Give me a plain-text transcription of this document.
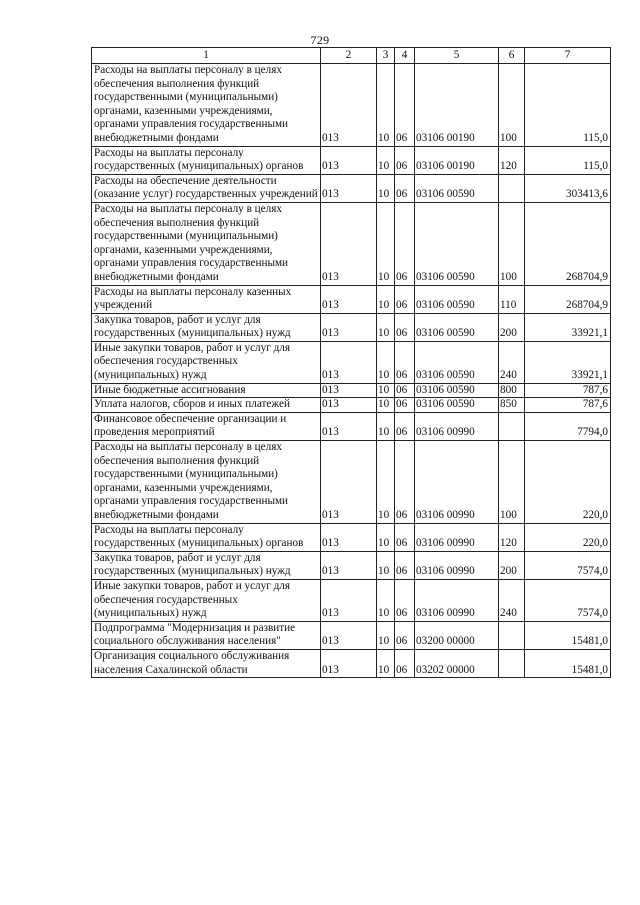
729
1	2	3	4	5	6	7
Расходы на выплаты персоналу в целях обеспечения выполнения функций государственными (муниципальными) органами, казенными учреждениями, органами управления государственными внебюджетными фондами	013	10	06	03106 00190	100	115,0
Расходы на выплаты персоналу государственных (муниципальных) органов	013	10	06	03106 00190	120	115,0
Расходы на обеспечение деятельности (оказание услуг) государственных учреждений	013	10	06	03106 00590		303413,6
Расходы на выплаты персоналу в целях обеспечения выполнения функций государственными (муниципальными) органами, казенными учреждениями, органами управления государственными внебюджетными фондами	013	10	06	03106 00590	100	268704,9
Расходы на выплаты персоналу казенных учреждений	013	10	06	03106 00590	110	268704,9
Закупка товаров, работ и услуг для государственных (муниципальных) нужд	013	10	06	03106 00590	200	33921,1
Иные закупки товаров, работ и услуг для обеспечения государственных (муниципальных) нужд	013	10	06	03106 00590	240	33921,1
Иные бюджетные ассигнования	013	10	06	03106 00590	800	787,6
Уплата налогов, сборов и иных платежей	013	10	06	03106 00590	850	787,6
Финансовое обеспечение организации и проведения мероприятий	013	10	06	03106 00990		7794,0
Расходы на выплаты персоналу в целях обеспечения выполнения функций государственными (муниципальными) органами, казенными учреждениями, органами управления государственными внебюджетными фондами	013	10	06	03106 00990	100	220,0
Расходы на выплаты персоналу государственных (муниципальных) органов	013	10	06	03106 00990	120	220,0
Закупка товаров, работ и услуг для государственных (муниципальных) нужд	013	10	06	03106 00990	200	7574,0
Иные закупки товаров, работ и услуг для обеспечения государственных (муниципальных) нужд	013	10	06	03106 00990	240	7574,0
Подпрограмма "Модернизация и развитие социального обслуживания населения"	013	10	06	03200 00000		15481,0
Организация социального обслуживания населения Сахалинской области	013	10	06	03202 00000		15481,0
